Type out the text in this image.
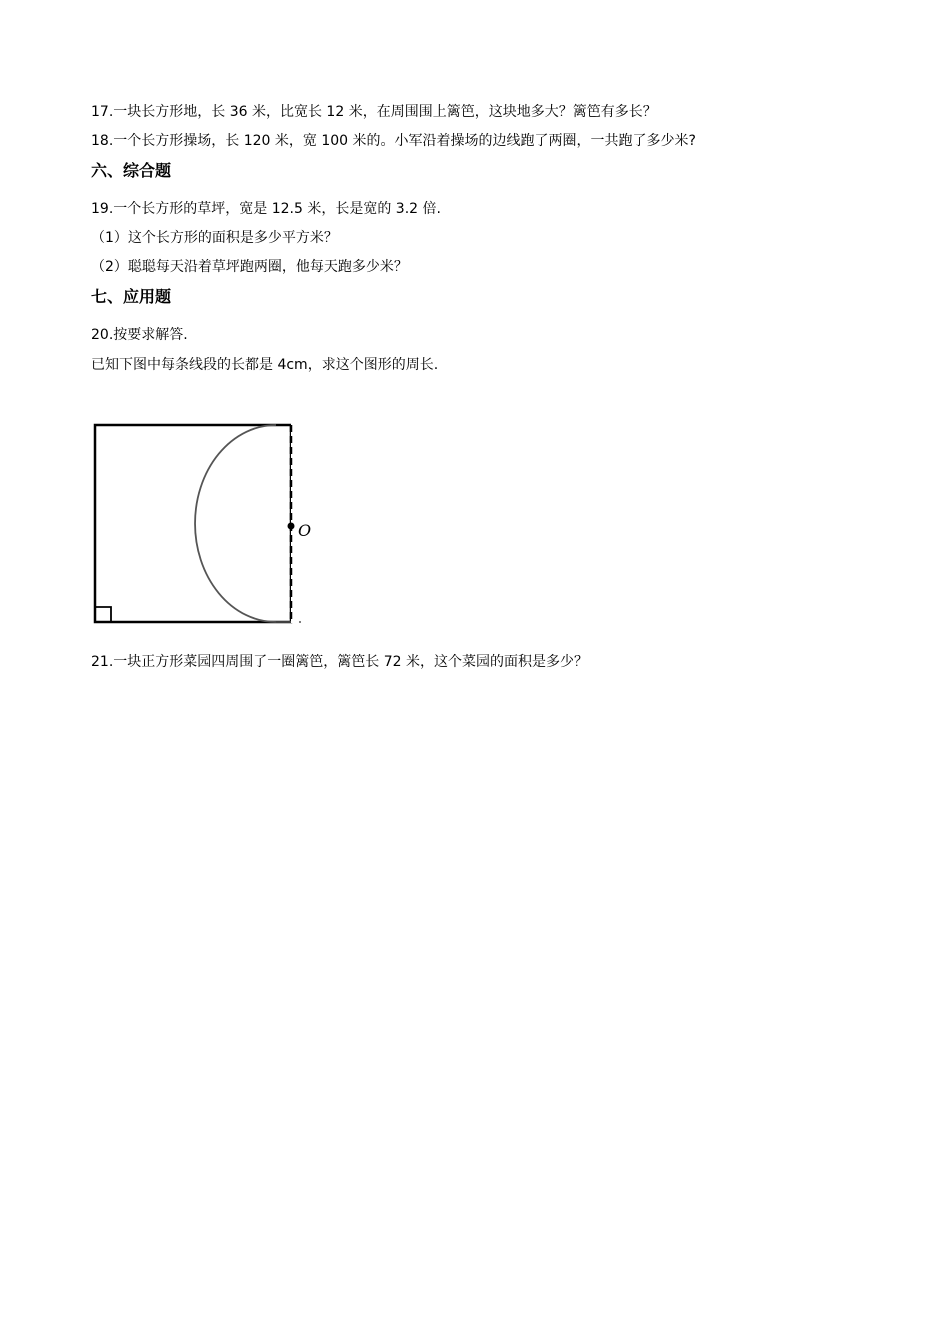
17.一块长方形地，长 36 米，比宽长 12 米，在周围围上篱笆，这块地多大？篱笆有多长？
18.一个长方形操场，长 120 米，宽 100 米的。小军沿着操场的边线跑了两圈，一共跑了多少米?
六、综合题
19.一个长方形的草坪，宽是 12.5 米，长是宽的 3.2 倍.
（1）这个长方形的面积是多少平方米？
（2）聪聪每天沿着草坪跑两圈，他每天跑多少米？
七、应用题
20.按要求解答.
已知下图中每条线段的长都是 4cm，求这个图形的周长.
O
21.一块正方形菜园四周围了一圈篱笆，篱笆长 72 米，这个菜园的面积是多少？
